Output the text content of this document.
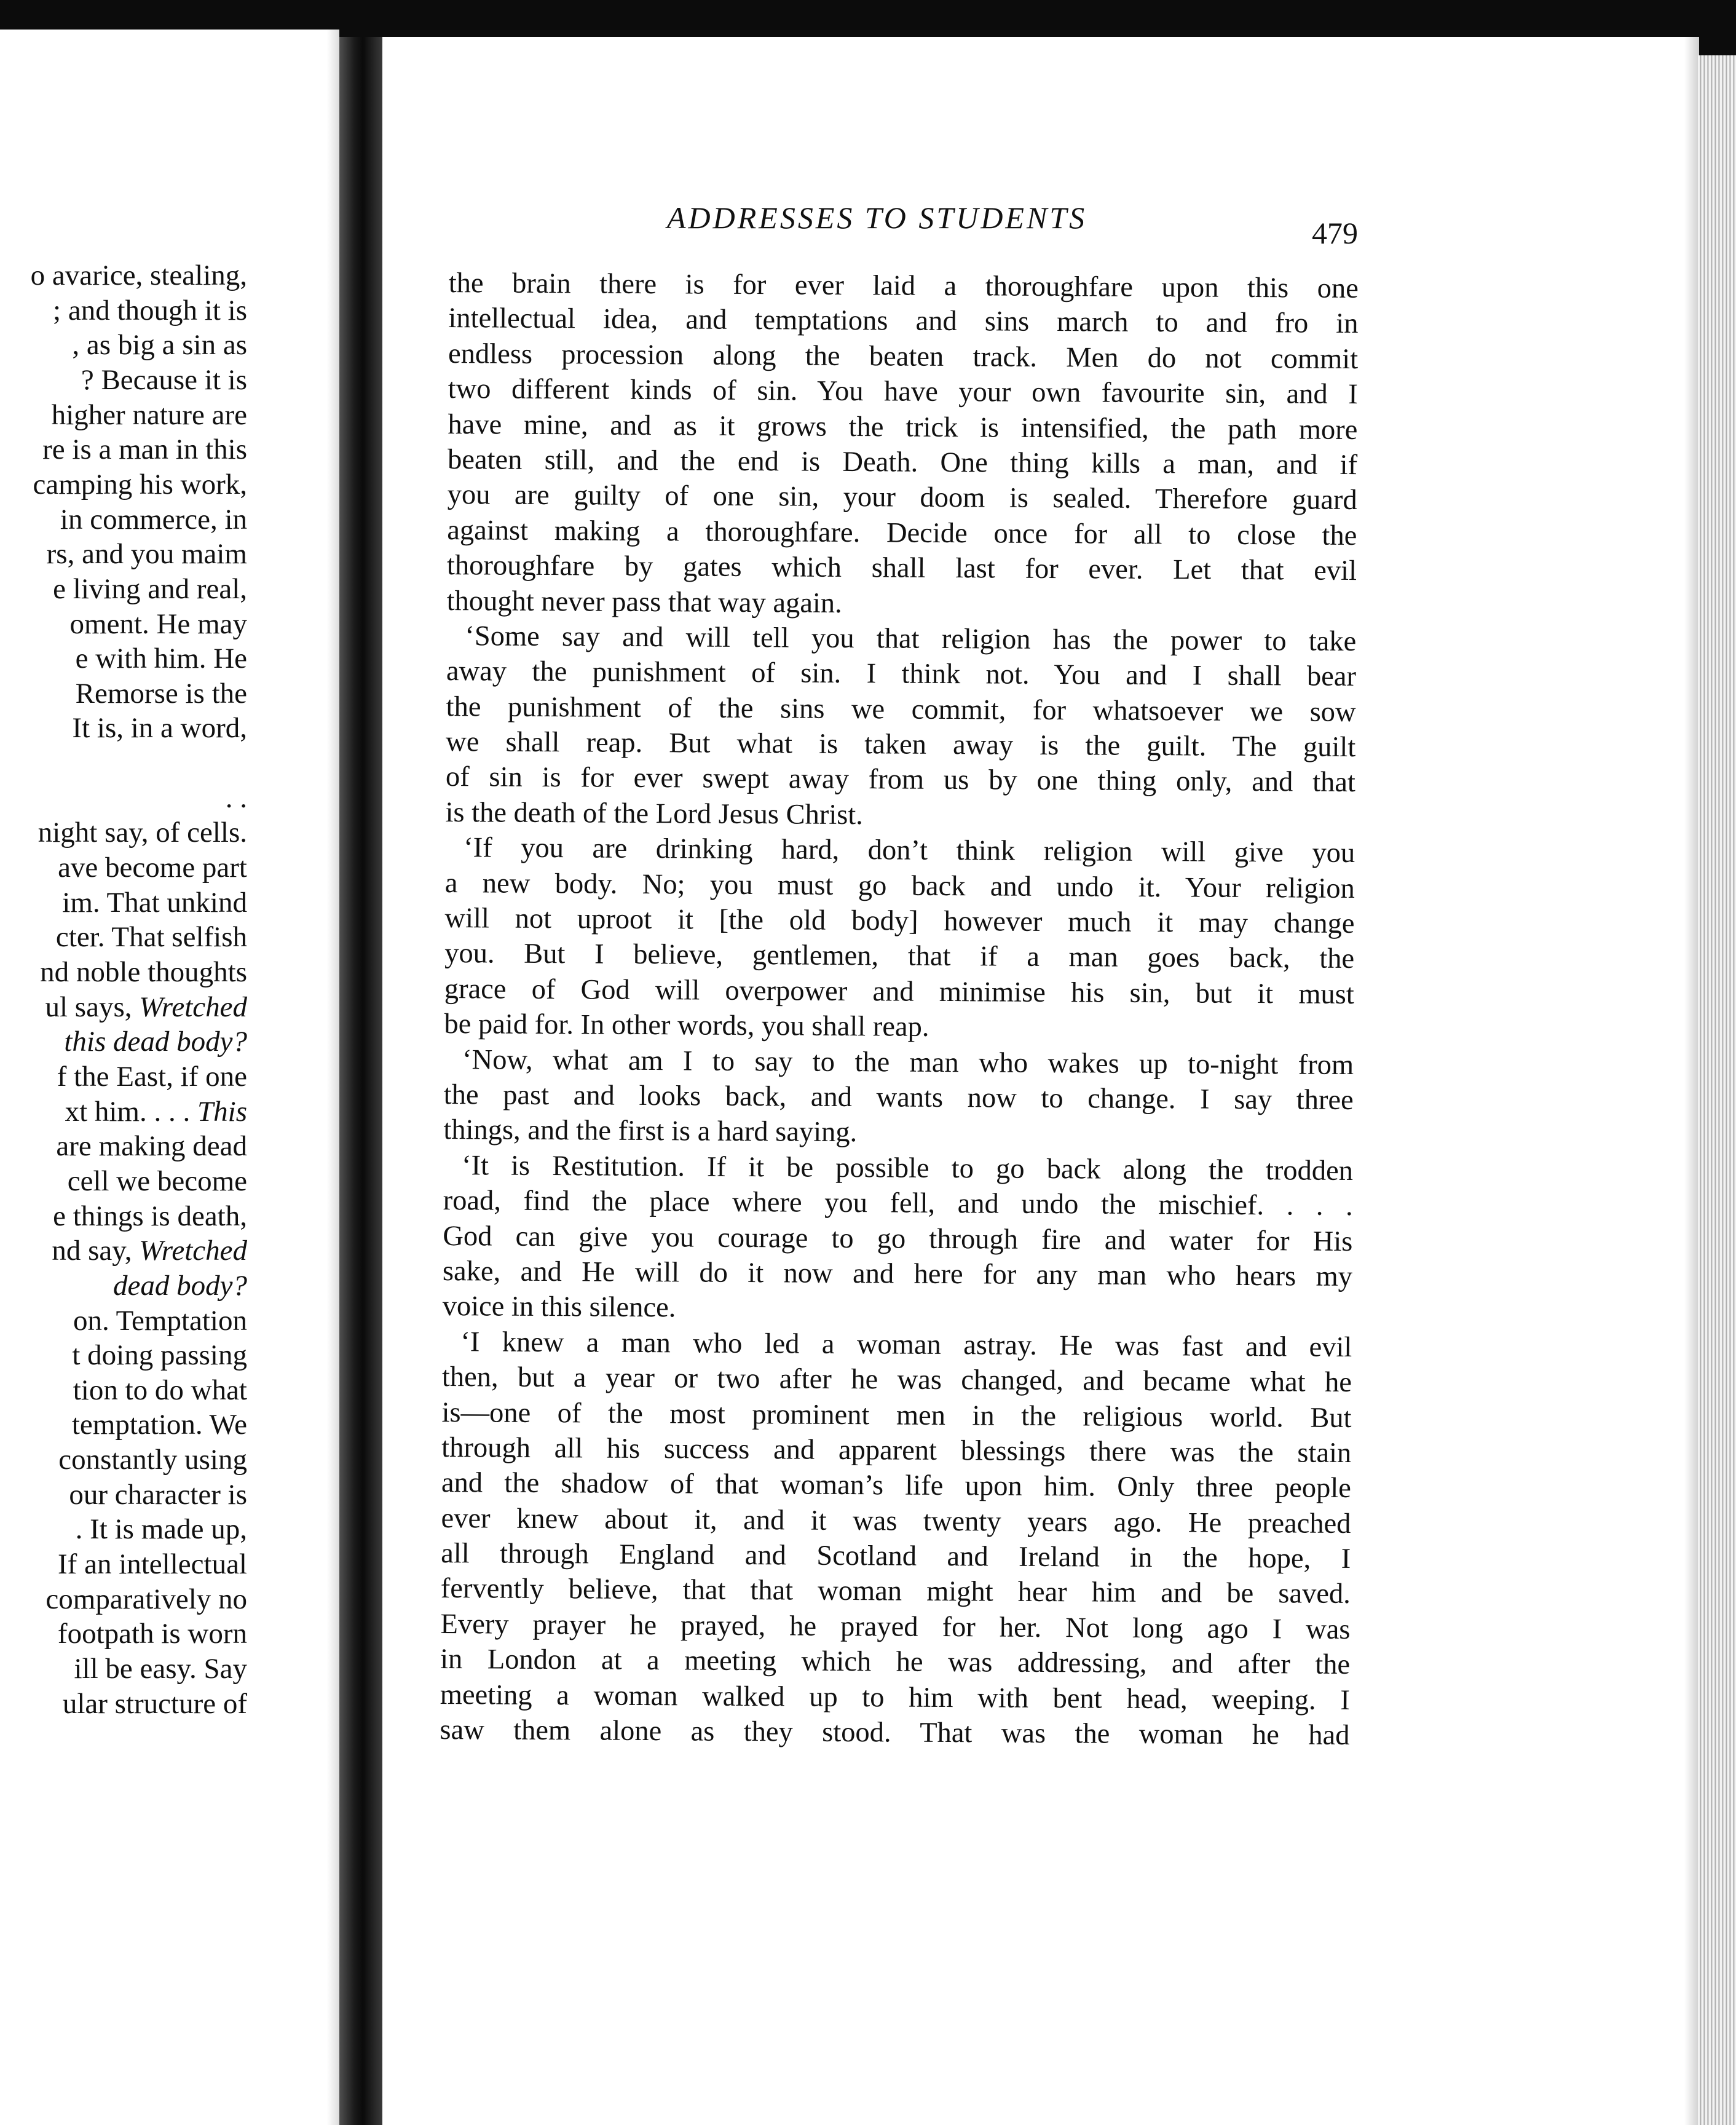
o avarice, stealing,
; and though it is
, as big a sin as
? Because it is
higher nature are
re is a man in this
camping his work,
in commerce, in
rs, and you maim
e living and real,
oment. He may
e with him. He
Remorse is the
It is, in a word,
. .
night say, of cells.
ave become part
im. That unkind
cter. That selfish
nd noble thoughts
ul says, Wretched
this dead body?
f the East, if one
xt him. . . . This
are making dead
cell we become
e things is death,
nd say, Wretched
dead body?
on. Temptation
t doing passing
tion to do what
temptation. We
constantly using
our character is
. It is made up,
If an intellectual
comparatively no
footpath is worn
ill be easy. Say
ular structure of
ADDRESSES TO STUDENTS	479
the brain there is for ever laid a thoroughfare upon this one
intellectual idea, and temptations and sins march to and fro in
endless procession along the beaten track. Men do not commit
two different kinds of sin. You have your own favourite sin, and I
have mine, and as it grows the trick is intensified, the path more
beaten still, and the end is Death. One thing kills a man, and if
you are guilty of one sin, your doom is sealed. Therefore guard
against making a thoroughfare. Decide once for all to close the
thoroughfare by gates which shall last for ever. Let that evil
thought never pass that way again.
‘Some say and will tell you that religion has the power to take
away the punishment of sin. I think not. You and I shall bear
the punishment of the sins we commit, for whatsoever we sow
we shall reap. But what is taken away is the guilt. The guilt
of sin is for ever swept away from us by one thing only, and that
is the death of the Lord Jesus Christ.
‘If you are drinking hard, don’t think religion will give you
a new body. No; you must go back and undo it. Your religion
will not uproot it [the old body] however much it may change
you. But I believe, gentlemen, that if a man goes back, the
grace of God will overpower and minimise his sin, but it must
be paid for. In other words, you shall reap.
‘Now, what am I to say to the man who wakes up to-night from
the past and looks back, and wants now to change. I say three
things, and the first is a hard saying.
‘It is Restitution. If it be possible to go back along the trodden
road, find the place where you fell, and undo the mischief. . . .
God can give you courage to go through fire and water for His
sake, and He will do it now and here for any man who hears my
voice in this silence.
‘I knew a man who led a woman astray. He was fast and evil
then, but a year or two after he was changed, and became what he
is—one of the most prominent men in the religious world. But
through all his success and apparent blessings there was the stain
and the shadow of that woman’s life upon him. Only three people
ever knew about it, and it was twenty years ago. He preached
all through England and Scotland and Ireland in the hope, I
fervently believe, that that woman might hear him and be saved.
Every prayer he prayed, he prayed for her. Not long ago I was
in London at a meeting which he was addressing, and after the
meeting a woman walked up to him with bent head, weeping. I
saw them alone as they stood. That was the woman he had
